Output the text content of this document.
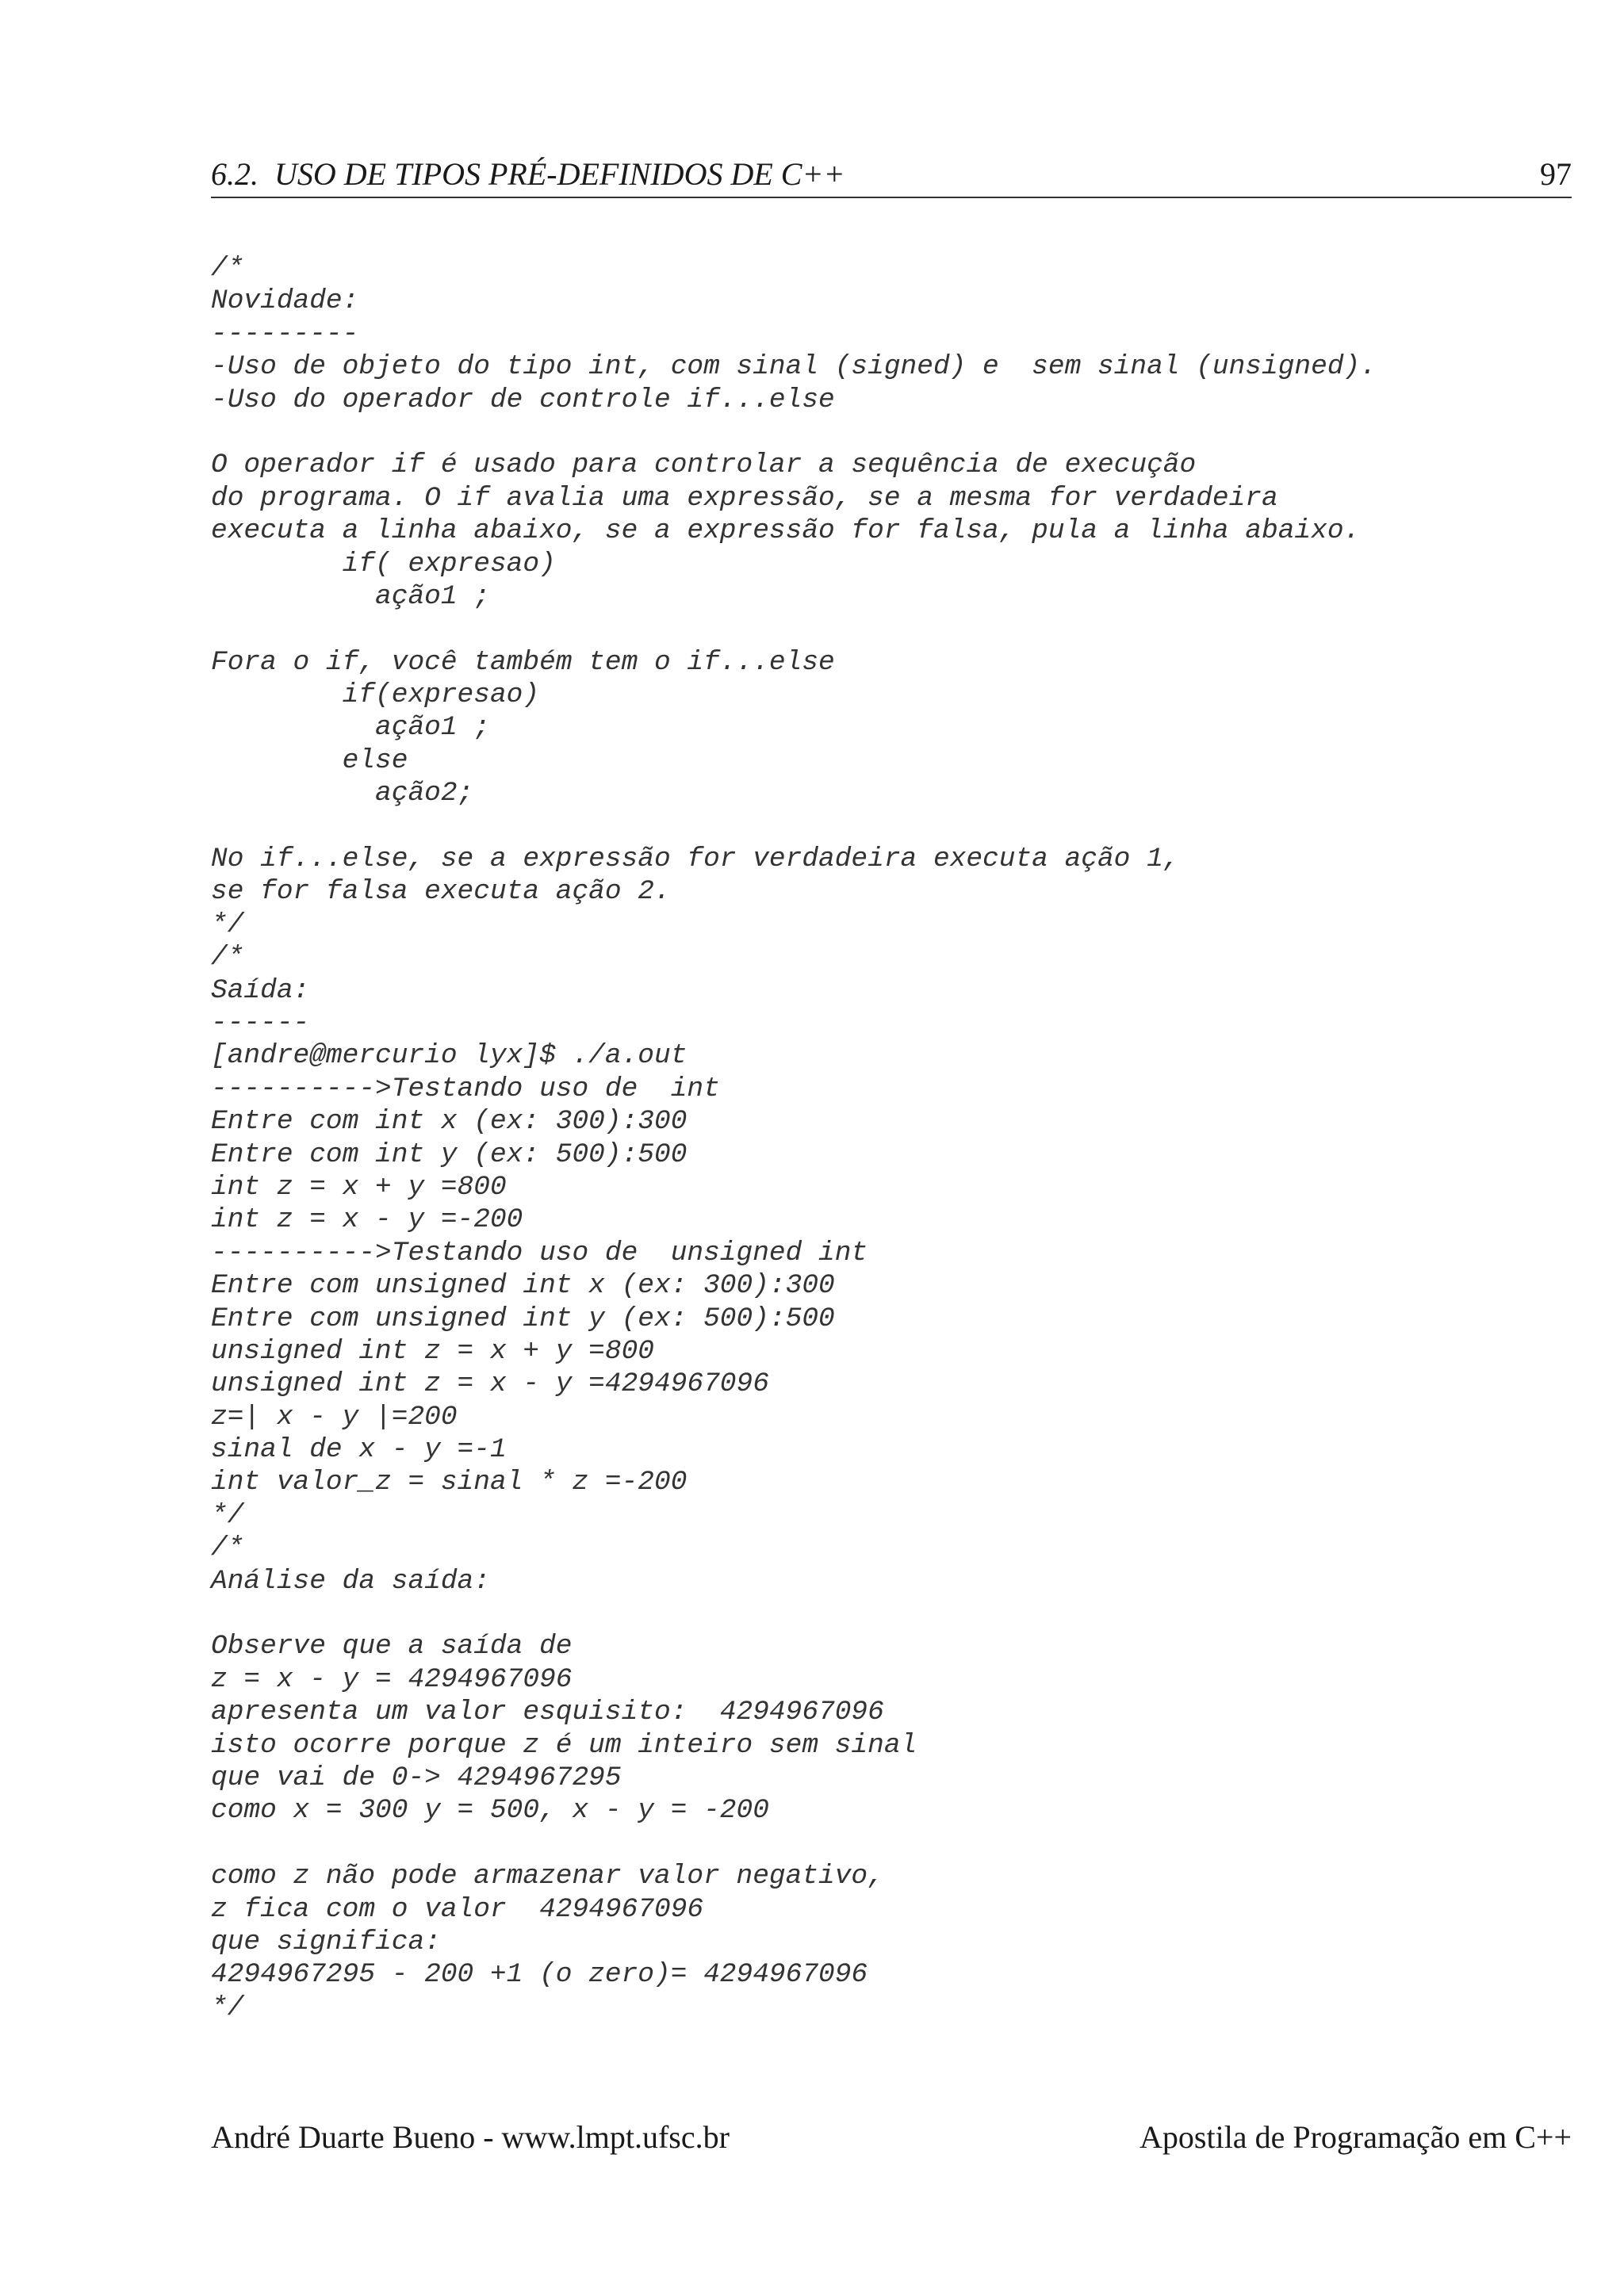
6.2.  USO DE TIPOS PRÉ-DEFINIDOS DE C++	97
/*
Novidade:
---------
-Uso de objeto do tipo int, com sinal (signed) e  sem sinal (unsigned).
-Uso do operador de controle if...else
O operador if é usado para controlar a sequência de execução
do programa. O if avalia uma expressão, se a mesma for verdadeira
executa a linha abaixo, se a expressão for falsa, pula a linha abaixo.
if( expresao)
ação1 ;
Fora o if, você também tem o if...else
if(expresao)
ação1 ;
else
ação2;
No if...else, se a expressão for verdadeira executa ação 1,
se for falsa executa ação 2.
*/
/*
Saída:
------
[andre@mercurio lyx]$ ./a.out
---------->Testando uso de  int
Entre com int x (ex: 300):300
Entre com int y (ex: 500):500
int z = x + y =800
int z = x - y =-200
---------->Testando uso de  unsigned int
Entre com unsigned int x (ex: 300):300
Entre com unsigned int y (ex: 500):500
unsigned int z = x + y =800
unsigned int z = x - y =4294967096
z=| x - y |=200
sinal de x - y =-1
int valor_z = sinal * z =-200
*/
/*
Análise da saída:
Observe que a saída de
z = x - y = 4294967096
apresenta um valor esquisito:  4294967096
isto ocorre porque z é um inteiro sem sinal
que vai de 0-> 4294967295
como x = 300 y = 500, x - y = -200
como z não pode armazenar valor negativo,
z fica com o valor  4294967096
que significa:
4294967295 - 200 +1 (o zero)= 4294967096
*/
André Duarte Bueno - www.lmpt.ufsc.br	Apostila de Programação em C++
